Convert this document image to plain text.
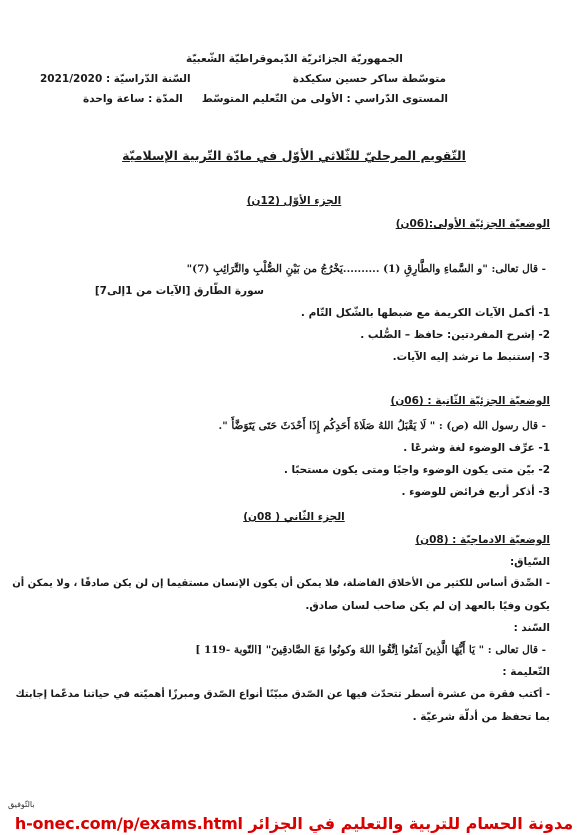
الجمهوريّة الجزائريّة الدّيموقراطيّة الشّعبيّة
متوسّطة ساكر حسين سكيكدة
السّنة الدّراسيّة : 2021/2020
المستوى الدّراسي : الأولى من التّعليم المتوسّط
المدّة : ساعة واحدة
التّقويم المرحليّ للثّلاثي الأوّل في مادّة التّربية الإسلاميّة
الجزء الأوّل (12ن)
الوضعيّة الجزئيّة الأولى:(06ن)
- قال تعالى: "و السَّماءِ والطَّارِقِ (1) ..........يَخْرُجُ من بَيْنِ الصُّلْبِ والتَّرَائِبِ (7)"
سورة الطّارق [الآيات من 1إلى7]
1- أكمل الآيات الكريمة مع ضبطها بالشّكل التّام .
2- إشرح المفردتين: حافظ – الصُّلب .
3- إستنبط ما ترشد إليه الآيات.
الوضعيّة الجزئيّة الثّانية : (06ن)
- قال رسول الله (ص) : " لَا يَقْبَلُ اللهُ صَلَاةَ أَحَدِكُم إِذَا أَحْدَثَ حَتَى يَتَوَضَّأَ ".
1- عرِّف الوضوء لغة وشرعًا .
2- بيّن متى يكون الوضوء واجبًا ومتى يكون مستحبًا .
3- أذكر أربع فرائض للوضوء .
الجزء الثّاني ( 08ن)
الوضعيّة الادماجيّة : (08ن)
السّياق:
- الصِّدق أساس للكثير من الأخلاق الفاضلة، فلا يمكن أن يكون الإنسان مستقيما إن لن يكن صادقًا ، ولا يمكن أن
يكون وفيًا بالعهد إن لم يكن صاحب لسان صادق.
السّند :
- قال تعالى : " يَا أَيُّهَا الَّذِينَ آمَنُوا اِتَّقُوا اللهَ وكونُوا مَعَ الصَّادقِينَ" [التّوبة -119 ]
التّعليمة :
- أكتب فقرة من عشرة أسطر تتحدّث فيها عن الصّدق مبيّنًا أنواع الصّدق ومبرزًا أهميّته في حياتنا مدعّما إجابتك
بما تحفظ من أدلّة شرعيّة .
بالتّوفيق
مدونة الحسام للتربية والتعليم في الجزائر h-onec.com/p/exams.html
